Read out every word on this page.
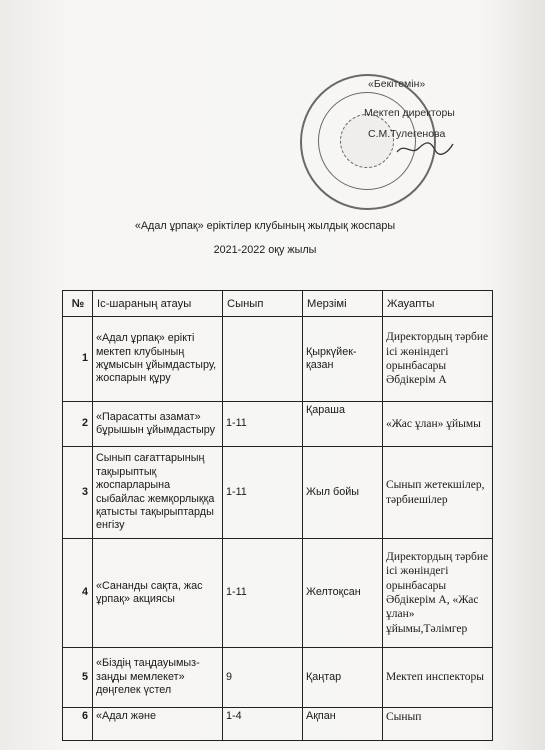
«Бекітемін»
Мектеп директоры
С.М.Тулегенова
«Адал ұрпақ» еріктілер клубының жылдық жоспары
2021-2022 оқу жылы
№	Іс-шараның атауы	Сынып	Мерзімі	Жауапты
1	«Адал ұрпақ» ерікті мектеп клубының жұмысын ұйымдастыру, жоспарын құру		Қыркүйек-қазан	Директордың тәрбие ісі жөніндегі орынбасары Әбдікерім А
2	«Парасатты азамат» бұрышын ұйымдастыру	1-11	Қараша	«Жас ұлан» ұйымы
3	Сынып сағаттарының тақырыптық жоспарларына сыбайлас жемқорлыққа қатысты тақырыптарды енгізу	1-11	Жыл бойы	Сынып жетекшілер, тәрбиешілер
4	«Сананды сақта, жас ұрпақ» акциясы	1-11	Желтоқсан	Директордың тәрбие ісі жөніндегі орынбасары Әбдікерім А, «Жас ұлан» ұйымы,Тәлімгер
5	«Біздің таңдауымыз-заңды мемлекет» дөңгелек үстел	9	Қаңтар	Мектеп инспекторы
6	«Адал және	1-4	Ақпан	Сынып
